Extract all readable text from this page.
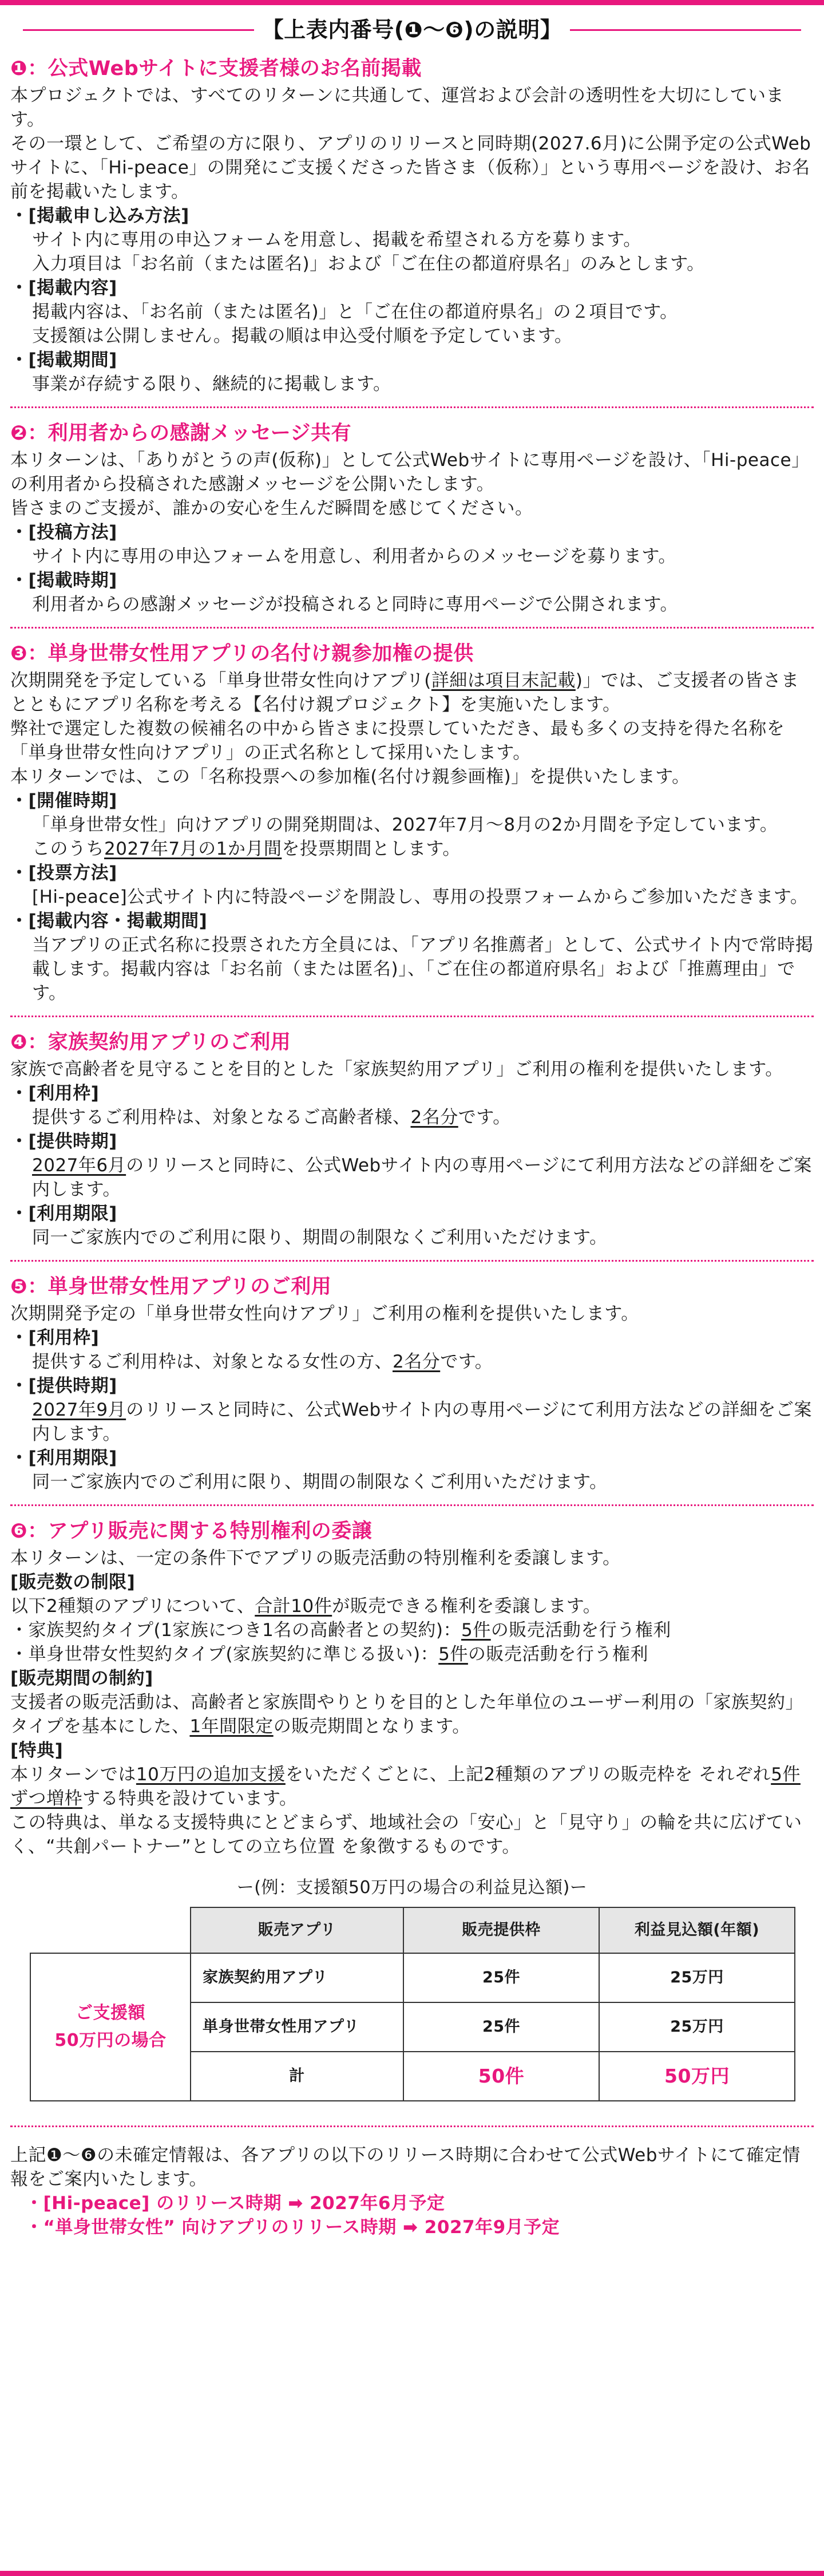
【上表内番号(❶〜❻)の説明】
❶：公式Webサイトに支援者様のお名前掲載

本プロジェクトでは、すべてのリターンに共通して、運営および会計の透明性を大切にしています。

その一環として、ご希望の方に限り、アプリのリリースと同時期(2027.6月)に公開予定の公式Webサイトに、「Hi-peace」の開発にご支援くださった皆さま（仮称）」という専用ページを設け、お名前を掲載いたします。

・[掲載申し込み方法]
サイト内に専用の申込フォームを用意し、掲載を希望される方を募ります。
入力項目は「お名前（または匿名)」および「ご在住の都道府県名」のみとします。
・[掲載内容]
掲載内容は、「お名前（または匿名)」と「ご在住の都道府県名」の２項目です。
支援額は公開しません。掲載の順は申込受付順を予定しています。
・[掲載期間]
事業が存続する限り、継続的に掲載します。
❷：利用者からの感謝メッセージ共有

本リターンは、「ありがとうの声(仮称)」として公式Webサイトに専用ページを設け、「Hi-peace」の利用者から投稿された感謝メッセージを公開いたします。

皆さまのご支援が、誰かの安心を生んだ瞬間を感じてください。

・[投稿方法]
サイト内に専用の申込フォームを用意し、利用者からのメッセージを募ります。
・[掲載時期]
利用者からの感謝メッセージが投稿されると同時に専用ページで公開されます。
❸：単身世帯女性用アプリの名付け親参加権の提供

次期開発を予定している「単身世帯女性向けアプリ(詳細は項目末記載)」では、ご支援者の皆さまとともにアプリ名称を考える【名付け親プロジェクト】を実施いたします。

弊社で選定した複数の候補名の中から皆さまに投票していただき、最も多くの支持を得た名称を「単身世帯女性向けアプリ」の正式名称として採用いたします。

本リターンでは、この「名称投票への参加権(名付け親参画権)」を提供いたします。

・[開催時期]
「単身世帯女性」向けアプリの開発期間は、2027年7月〜8月の2か月間を予定しています。
このうち2027年7月の1か月間を投票期間とします。
・[投票方法]
[Hi-peace]公式サイト内に特設ページを開設し、専用の投票フォームからご参加いただきます。
・[掲載内容・掲載期間]
当アプリの正式名称に投票された方全員には、「アプリ名推薦者」として、公式サイト内で常時掲載します。掲載内容は「お名前（または匿名)」、「ご在住の都道府県名」および「推薦理由」です。
❹：家族契約用アプリのご利用

家族で高齢者を見守ることを目的とした「家族契約用アプリ」ご利用の権利を提供いたします。

・[利用枠]
提供するご利用枠は、対象となるご高齢者様、2名分です。
・[提供時期]
2027年6月のリリースと同時に、公式Webサイト内の専用ページにて利用方法などの詳細をご案内します。
・[利用期限]
同一ご家族内でのご利用に限り、期間の制限なくご利用いただけます。
❺：単身世帯女性用アプリのご利用

次期開発予定の「単身世帯女性向けアプリ」ご利用の権利を提供いたします。

・[利用枠]
提供するご利用枠は、対象となる女性の方、2名分です。
・[提供時期]
2027年9月のリリースと同時に、公式Webサイト内の専用ページにて利用方法などの詳細をご案内します。
・[利用期限]
同一ご家族内でのご利用に限り、期間の制限なくご利用いただけます。
❻：アプリ販売に関する特別権利の委譲

本リターンは、一定の条件下でアプリの販売活動の特別権利を委譲します。

[販売数の制限]
以下2種類のアプリについて、合計10件が販売できる権利を委譲します。
・家族契約タイプ(1家族につき1名の高齢者との契約)：5件の販売活動を行う権利
・単身世帯女性契約タイプ(家族契約に準じる扱い)：5件の販売活動を行う権利
[販売期間の制約]
支援者の販売活動は、高齢者と家族間やりとりを目的とした年単位のユーザー利用の「家族契約」タイプを基本にした、1年間限定の販売期間となります。
[特典]
本リターンでは10万円の追加支援をいただくごとに、上記2種類のアプリの販売枠を それぞれ5件ずつ増枠する特典を設けています。
この特典は、単なる支援特典にとどまらず、地域社会の「安心」と「見守り」の輪を共に広げていく、“共創パートナー”としての立ち位置 を象徴するものです。
ー(例：支援額50万円の場合の利益見込額)ー
	販売アプリ	販売提供枠	利益見込額(年額)

ご支援額
50万円の場合	家族契約用アプリ	25件	25万円
	単身世帯女性用アプリ	25件	25万円
	計	50件	50万円
上記❶〜❻の未確定情報は、各アプリの以下のリリース時期に合わせて公式Webサイトにて確定情報をご案内いたします。
・[Hi-peace] のリリース時期 ➡ 2027年6月予定
・“単身世帯女性” 向けアプリのリリース時期 ➡ 2027年9月予定
